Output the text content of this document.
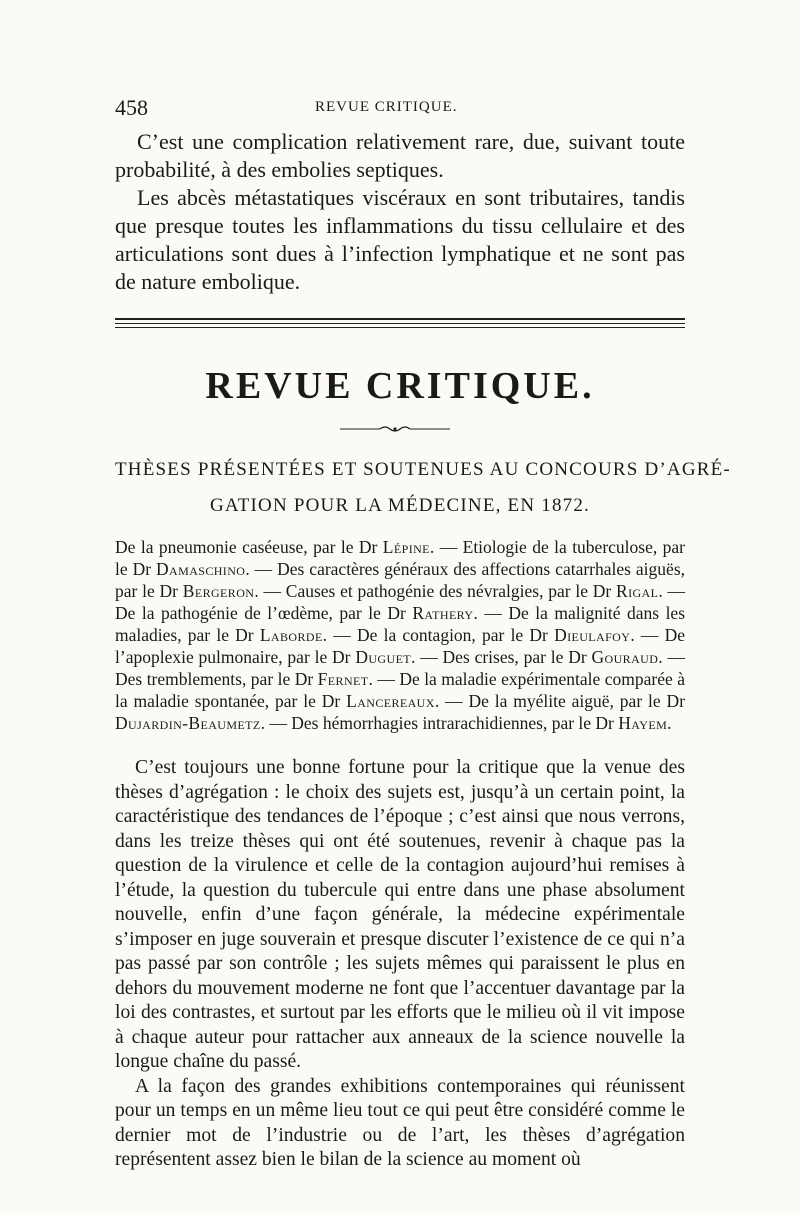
458	REVUE CRITIQUE.

C’est une complication relativement rare, due, suivant toute probabilité, à des embolies septiques.

Les abcès métastatiques viscéraux en sont tributaires, tandis que presque toutes les inflammations du tissu cellulaire et des articulations sont dues à l’infection lymphatique et ne sont pas de nature embolique.

REVUE CRITIQUE.
THÈSES PRÉSENTÉES ET SOUTENUES AU CONCOURS D’AGRÉ-
GATION POUR LA MÉDECINE, EN 1872.

De la pneumonie caséeuse, par le Dr Lépine. — Etiologie de la tuberculose, par le Dr Damaschino. — Des caractères généraux des affections catarrhales aiguës, par le Dr Bergeron. — Causes et pathogénie des névralgies, par le Dr Rigal. — De la pathogénie de l’œdème, par le Dr Rathery. — De la malignité dans les maladies, par le Dr Laborde. — De la contagion, par le Dr Dieulafoy. — De l’apoplexie pulmonaire, par le Dr Duguet. — Des crises, par le Dr Gouraud. — Des tremblements, par le Dr Fernet. — De la maladie expérimentale comparée à la maladie spontanée, par le Dr Lancereaux. — De la myélite aiguë, par le Dr Dujardin-Beaumetz. — Des hémorrhagies intrarachidiennes, par le Dr Hayem.

C’est toujours une bonne fortune pour la critique que la venue des thèses d’agrégation : le choix des sujets est, jusqu’à un certain point, la caractéristique des tendances de l’époque ; c’est ainsi que nous verrons, dans les treize thèses qui ont été soutenues, revenir à chaque pas la question de la virulence et celle de la contagion aujourd’hui remises à l’étude, la question du tubercule qui entre dans une phase absolument nouvelle, enfin d’une façon générale, la médecine expérimentale s’imposer en juge souverain et presque discuter l’existence de ce qui n’a pas passé par son contrôle ; les sujets mêmes qui paraissent le plus en dehors du mouvement moderne ne font que l’accentuer davantage par la loi des contrastes, et surtout par les efforts que le milieu où il vit impose à chaque auteur pour rattacher aux anneaux de la science nouvelle la longue chaîne du passé.

A la façon des grandes exhibitions contemporaines qui réunissent pour un temps en un même lieu tout ce qui peut être considéré comme le dernier mot de l’industrie ou de l’art, les thèses d’agrégation représentent assez bien le bilan de la science au moment où
